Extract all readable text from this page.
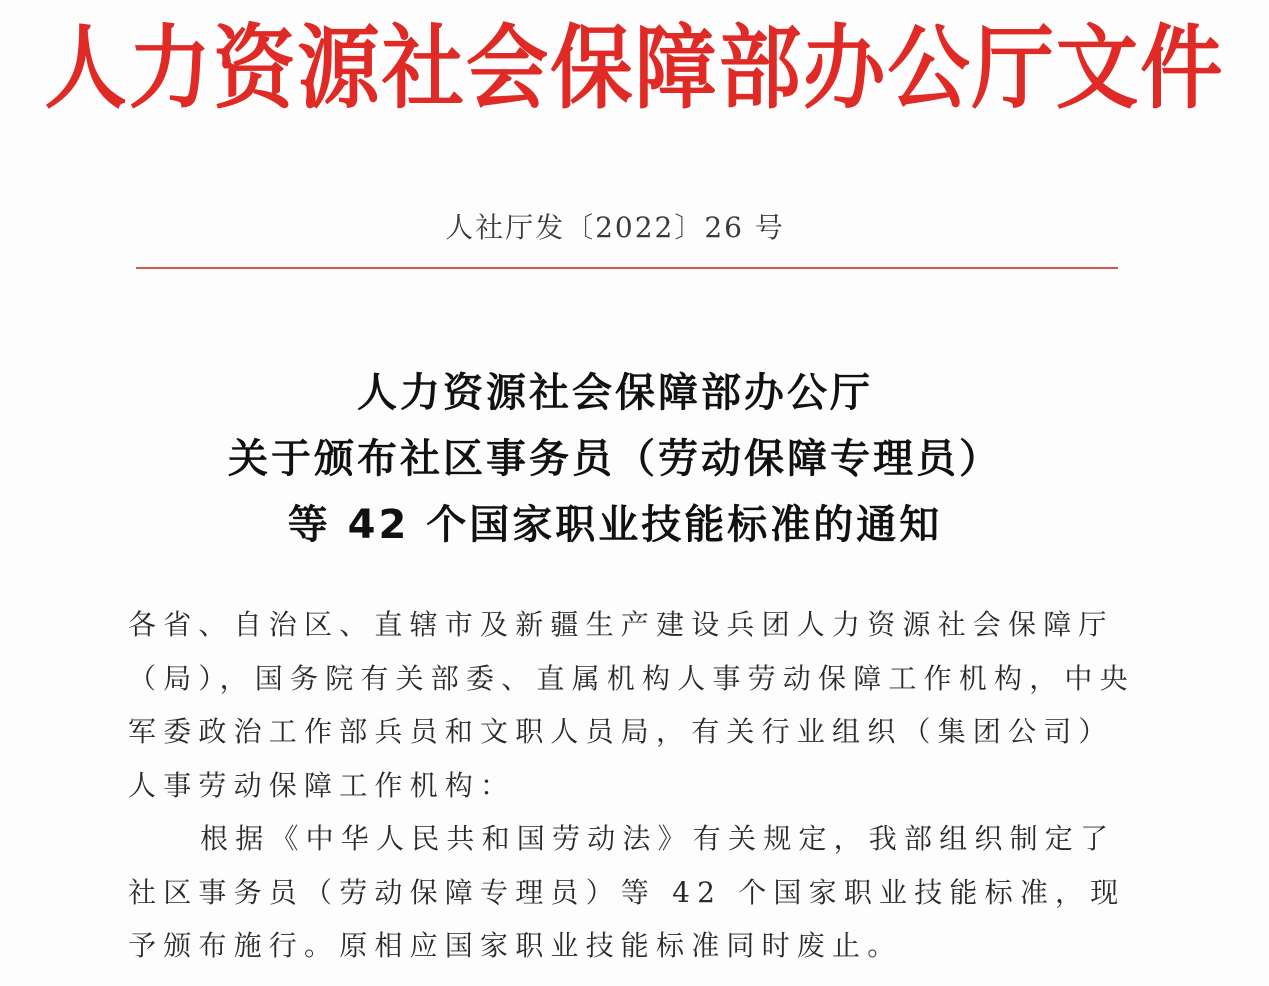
人力资源社会保障部办公厅文件
人社厅发〔2022〕26 号
人力资源社会保障部办公厅
关于颁布社区事务员（劳动保障专理员）
等 42 个国家职业技能标准的通知

各省、自治区、直辖市及新疆生产建设兵团人力资源社会保障厅
（局），国务院有关部委、直属机构人事劳动保障工作机构，中央
军委政治工作部兵员和文职人员局，有关行业组织（集团公司）
人事劳动保障工作机构：

根据《中华人民共和国劳动法》有关规定，我部组织制定了
社区事务员（劳动保障专理员）等 42 个国家职业技能标准，现
予颁布施行。原相应国家职业技能标准同时废止。
